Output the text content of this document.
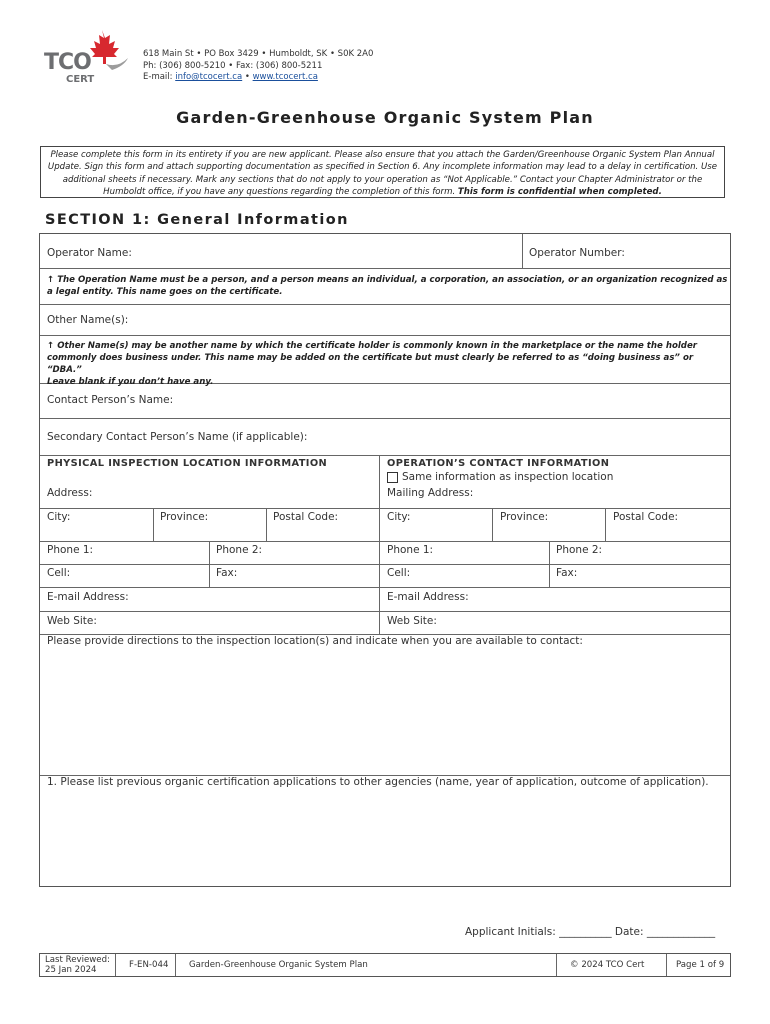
TCO
CERT
618 Main St • PO Box 3429 • Humboldt, SK • S0K 2A0
Ph: (306) 800-5210 • Fax: (306) 800-5211
E-mail: info@tcocert.ca • www.tcocert.ca
Garden-Greenhouse Organic System Plan
Please complete this form in its entirety if you are new applicant. Please also ensure that you attach the Garden/Greenhouse Organic System Plan Annual Update. Sign this form and attach supporting documentation as specified in Section 6. Any incomplete information may lead to a delay in certification. Use additional sheets if necessary. Mark any sections that do not apply to your operation as “Not Applicable.” Contact your Chapter Administrator or the Humboldt office, if you have any questions regarding the completion of this form. This form is confidential when completed.
SECTION 1: General Information
Operator Name:	Operator Number:
↑ The Operation Name must be a person, and a person means an individual, a corporation, an association, or an organization recognized as
a legal entity. This name goes on the certificate.
Other Name(s):
↑ Other Name(s) may be another name by which the certificate holder is commonly known in the marketplace or the name the holder
commonly does business under. This name may be added on the certificate but must clearly be referred to as “doing business as” or “DBA.”
Leave blank if you don’t have any.
Contact Person’s Name:
Secondary Contact Person’s Name (if applicable):
PHYSICAL INSPECTION LOCATION INFORMATION
Address:
City:	Province:	Postal Code:
Phone 1:	Phone 2:
Cell:	Fax:
E-mail Address:
Web Site:
OPERATION’S CONTACT INFORMATION
Same information as inspection location
Mailing Address:
City:	Province:	Postal Code:
Phone 1:	Phone 2:
Cell:	Fax:
E-mail Address:
Web Site:
Please provide directions to the inspection location(s) and indicate when you are available to contact:
1. Please list previous organic certification applications to other agencies (name, year of application, outcome of application).
Applicant Initials: __________ Date: _____________
Last Reviewed:
25 Jan 2024	F-EN-044 Garden-Greenhouse Organic System Plan	© 2024 TCO Cert	Page 1 of 9
